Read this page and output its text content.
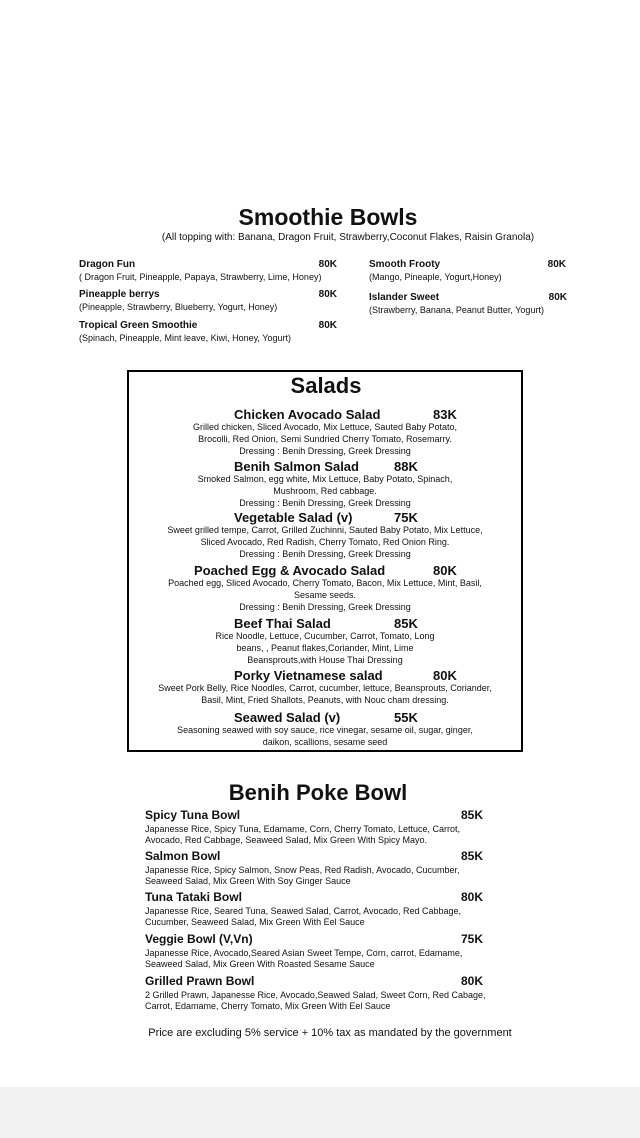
Smoothie Bowls
(All topping with: Banana, Dragon Fruit, Strawberry,Coconut Flakes, Raisin Granola)
Dragon Fun	80K
( Dragon Fruit, Pineapple, Papaya, Strawberry, Lime, Honey)
Pineapple berrys	80K
(Pineapple, Strawberry, Blueberry, Yogurt, Honey)
Tropical Green Smoothie	80K
(Spinach, Pineapple, Mint leave, Kiwi, Honey, Yogurt)
Smooth Frooty	80K
(Mango, Pineaple, Yogurt,Honey)
Islander Sweet	80K
(Strawberry, Banana, Peanut Butter, Yogurt)
Salads
Chicken Avocado Salad	83K
Grilled chicken, Sliced Avocado, Mix Lettuce, Sauted Baby Potato, Brocolli, Red Onion, Semi Sundried Cherry Tomato, Rosemarry.
Dressing : Benih Dressing, Greek Dressing
Benih Salmon Salad	88K
Smoked Salmon, egg white, Mix Lettuce, Baby Potato, Spinach, Mushroom, Red cabbage.
Dressing : Benih Dressing, Greek Dressing
Vegetable Salad (v)	75K
Sweet grilled tempe, Carrot, Grilled Zuchinni, Sauted Baby Potato, Mix Lettuce, Sliced Avocado, Red Radish, Cherry Tomato, Red Onion Ring.
Dressing : Benih Dressing, Greek Dressing
Poached Egg & Avocado Salad	80K
Poached egg, Sliced Avocado, Cherry Tomato, Bacon, Mix Lettuce, Mint, Basil, Sesame seeds.
Dressing : Benih Dressing, Greek Dressing
Beef Thai Salad	85K
Rice Noodle, Lettuce, Cucumber, Carrot, Tomato, Long beans, , Peanut flakes,Coriander, Mint, Lime Beansprouts,with House Thai Dressing
Porky Vietnamese salad	80K
Sweet Pork Belly, Rice Noodles, Carrot, cucumber, lettuce, Beansprouts, Coriander, Basil, Mint, Fried Shallots, Peanuts, with Nouc cham dressing.
Seawed Salad (v)	55K
Seasoning seawed with soy sauce, rice vinegar, sesame oil, sugar, ginger, daikon, scallions, sesame seed
Benih Poke Bowl
Spicy Tuna Bowl	85K
Japanesse Rice, Spicy Tuna, Edamame, Corn, Cherry Tomato, Lettuce, Carrot, Avocado, Red Cabbage, Seaweed Salad, Mix Green With Spicy Mayo.
Salmon Bowl	85K
Japanesse Rice, Spicy Salmon, Snow Peas, Red Radish, Avocado, Cucumber, Seaweed Salad, Mix Green With Soy Ginger Sauce
Tuna Tataki Bowl	80K
Japanesse Rice, Seared Tuna, Seawed Salad, Carrot, Avocado, Red Cabbage, Cucumber, Seaweed Salad, Mix Green With Eel Sauce
Veggie Bowl (V,Vn)	75K
Japanesse Rice, Avocado,Seared Asian Sweet Tempe, Corn, carrot, Edamame, Seaweed Salad, Mix Green With Roasted Sesame Sauce
Grilled Prawn Bowl	80K
2 Grilled Prawn, Japanesse Rice, Avocado,Seawed Salad, Sweet Corn, Red Cabage, Carrot, Edamame, Cherry Tomato, Mix Green With Eel Sauce
Price are excluding 5% service + 10% tax as mandated by the government
